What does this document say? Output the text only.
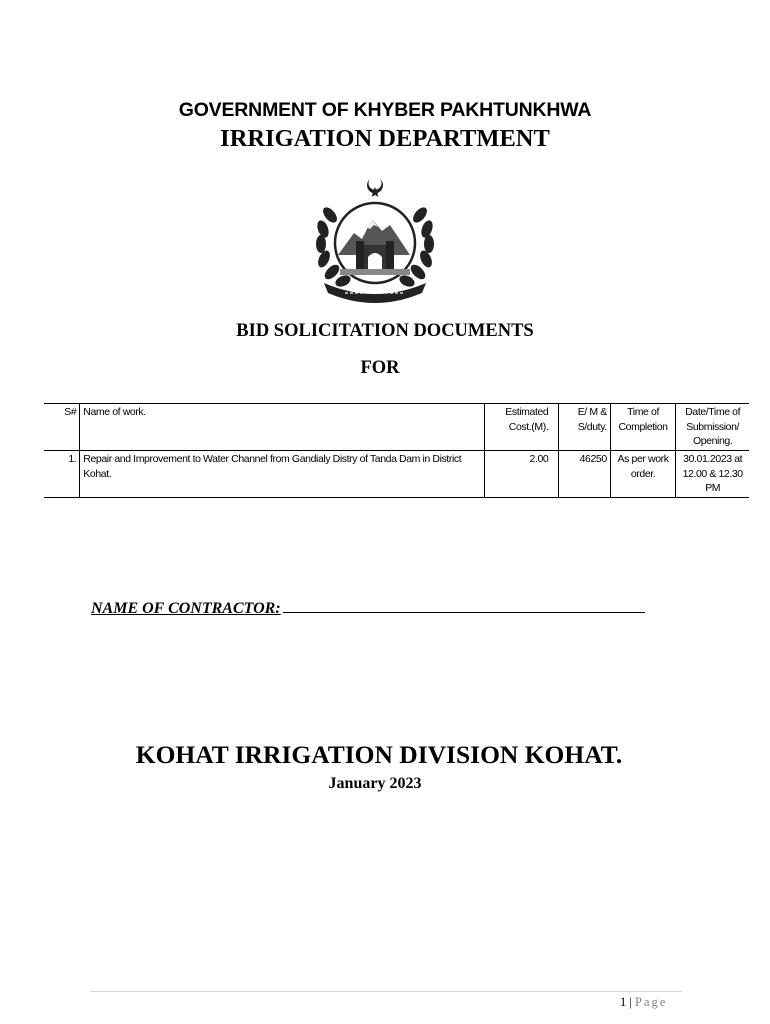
GOVERNMENT OF KHYBER PAKHTUNKHWA
IRRIGATION DEPARTMENT
BID SOLICITATION DOCUMENTS
FOR
S#	Name of work.	Estimated Cost.(M).	E/ M & S/duty.	Time of Completion	Date/Time of Submission/ Opening.
1.	Repair and Improvement to Water Channel from Gandialy Distry of Tanda Dam in District Kohat.	2.00	46250	As per work order.	30.01.2023 at 12.00 & 12.30 PM
NAME OF CONTRACTOR:
KOHAT IRRIGATION DIVISION KOHAT.
January 2023
1 | Page
